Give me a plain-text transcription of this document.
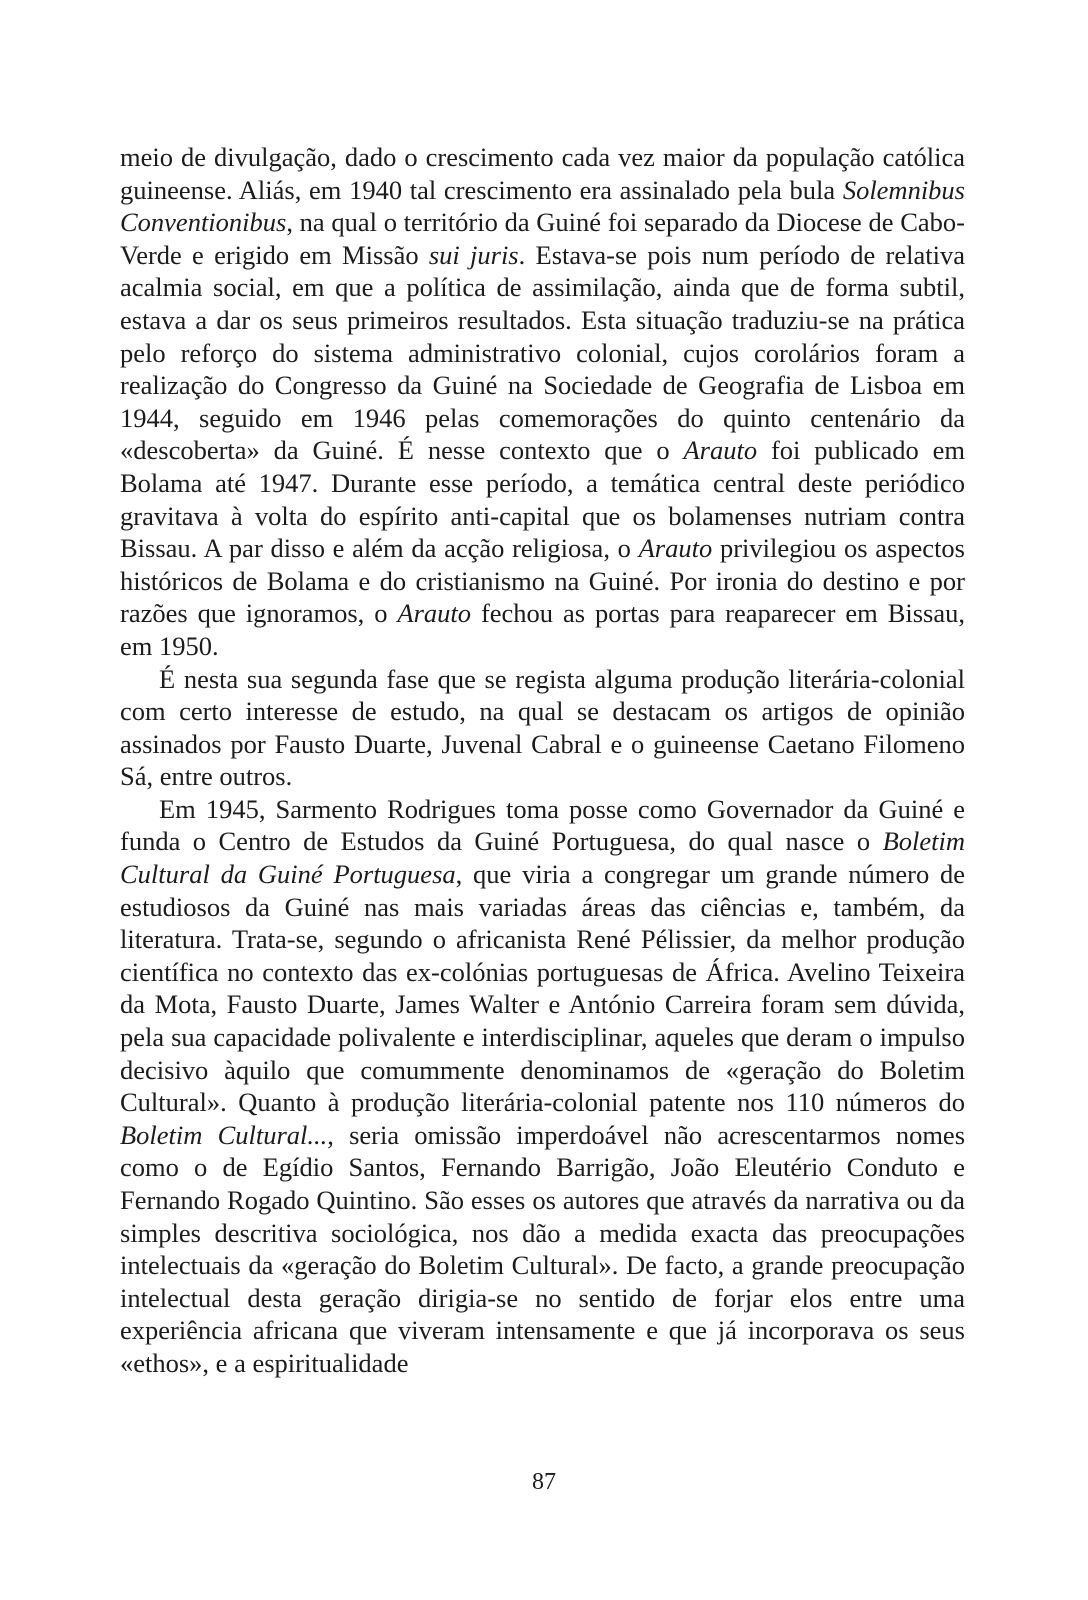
meio de divulgação, dado o crescimento cada vez maior da população católica guineense. Aliás, em 1940 tal crescimento era assinalado pela bula Solemnibus Conventionibus, na qual o território da Guiné foi separado da Diocese de Cabo-Verde e erigido em Missão sui juris. Estava-se pois num período de relativa acalmia social, em que a política de assimilação, ainda que de forma subtil, estava a dar os seus primeiros resultados. Esta situação traduziu-se na prática pelo reforço do sistema administrativo colonial, cujos corolários foram a realização do Congresso da Guiné na Sociedade de Geografia de Lisboa em 1944, seguido em 1946 pelas comemorações do quinto centenário da «descoberta» da Guiné. É nesse contexto que o Arauto foi publicado em Bolama até 1947. Durante esse período, a temática central deste periódico gravitava à volta do espírito anti-capital que os bolamenses nutriam contra Bissau. A par disso e além da acção religiosa, o Arauto privilegiou os aspectos históricos de Bolama e do cristianismo na Guiné. Por ironia do destino e por razões que ignoramos, o Arauto fechou as portas para reaparecer em Bissau, em 1950.

É nesta sua segunda fase que se regista alguma produção literária-colonial com certo interesse de estudo, na qual se destacam os artigos de opinião assinados por Fausto Duarte, Juvenal Cabral e o guineense Caetano Filomeno Sá, entre outros.

Em 1945, Sarmento Rodrigues toma posse como Governador da Guiné e funda o Centro de Estudos da Guiné Portuguesa, do qual nasce o Boletim Cultural da Guiné Portuguesa, que viria a congregar um grande número de estudiosos da Guiné nas mais variadas áreas das ciências e, também, da literatura. Trata-se, segundo o africanista René Pélissier, da melhor produção científica no contexto das ex-colónias portuguesas de África. Avelino Teixeira da Mota, Fausto Duarte, James Walter e António Carreira foram sem dúvida, pela sua capacidade polivalente e interdisciplinar, aqueles que deram o impulso decisivo àquilo que comummente denominamos de «geração do Boletim Cultural». Quanto à produção literária-colonial patente nos 110 números do Boletim Cultural..., seria omissão imperdoável não acrescentarmos nomes como o de Egídio Santos, Fernando Barrigão, João Eleutério Conduto e Fernando Rogado Quintino. São esses os autores que através da narrativa ou da simples descritiva sociológica, nos dão a medida exacta das preocupações intelectuais da «geração do Boletim Cultural». De facto, a grande preocupação intelectual desta geração dirigia-se no sentido de forjar elos entre uma experiência africana que viveram intensamente e que já incorporava os seus «ethos», e a espiritualidade

87
